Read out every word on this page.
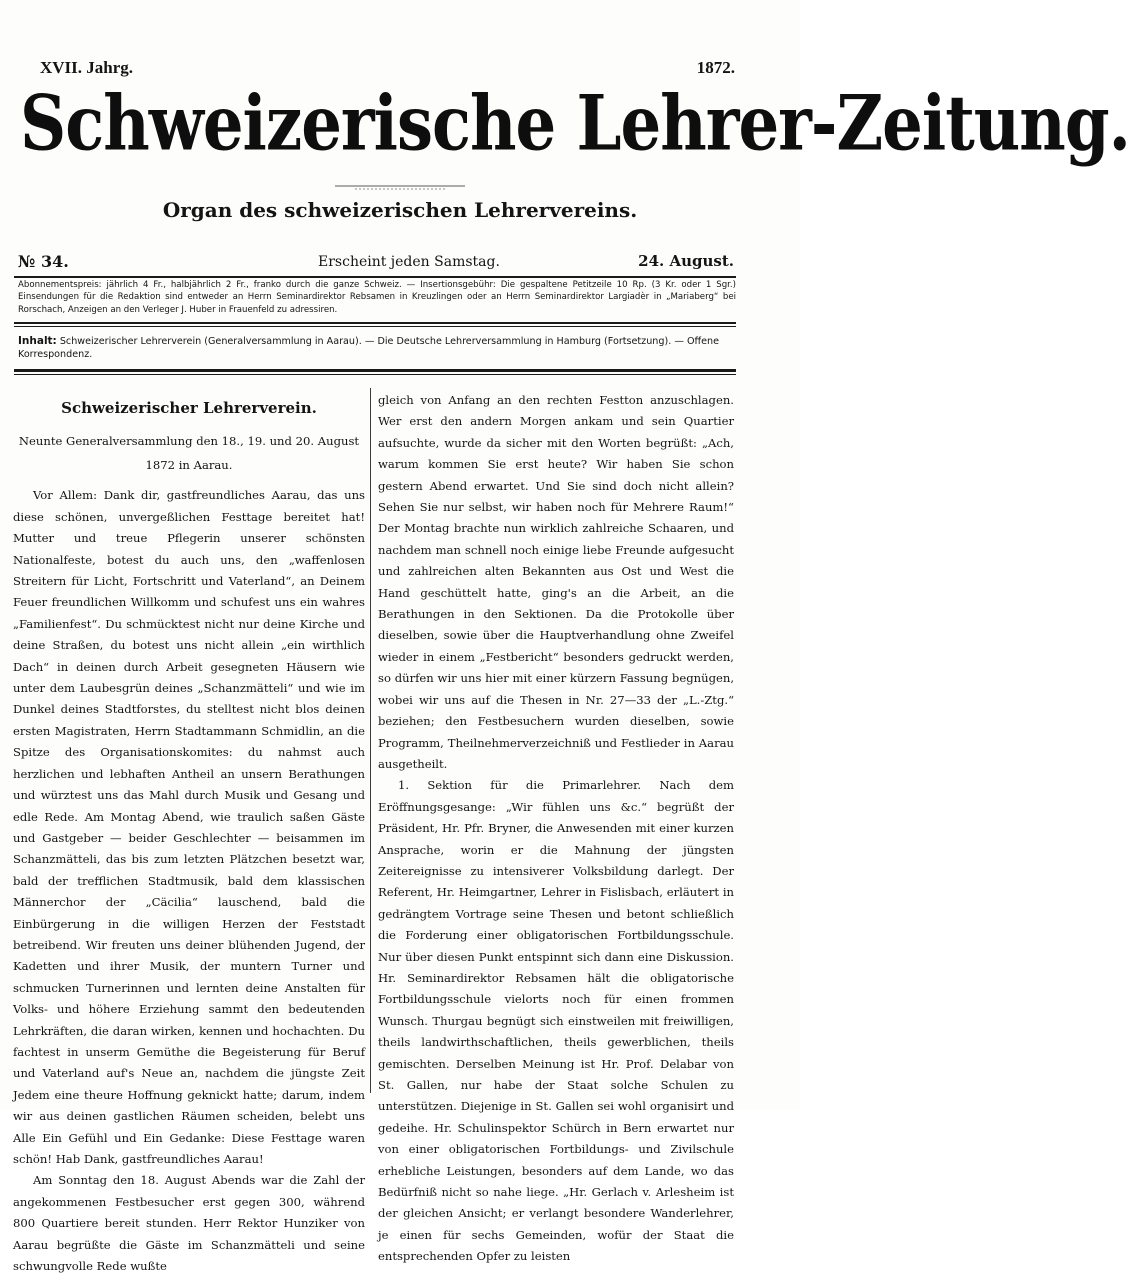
XVII. Jahrg.	1872.
Schweizerische Lehrer-Zeitung.
Organ des schweizerischen Lehrervereins.
№ 34.	Erscheint jeden Samstag.	24. August.

Abonnementspreis: jährlich 4 Fr., halbjährlich 2 Fr., franko durch die ganze Schweiz. — Insertionsgebühr: Die gespaltene Petitzeile 10 Rp. (3 Kr. oder 1 Sgr.) Einsendungen für die Redaktion sind entweder an Herrn Seminardirektor Rebsamen in Kreuzlingen oder an Herrn Seminardirektor Largiadèr in „Mariaberg“ bei Rorschach, Anzeigen an den Verleger J. Huber in Frauenfeld zu adressiren.

Inhalt: Schweizerischer Lehrerverein (Generalversammlung in Aarau). — Die Deutsche Lehrerversammlung in Hamburg (Fortsetzung). — Offene Korrespondenz.

Schweizerischer Lehrerverein.

Neunte Generalversammlung den 18., 19. und 20. August 1872 in Aarau.

Vor Allem: Dank dir, gastfreundliches Aarau, das uns diese schönen, unvergeßlichen Festtage bereitet hat! Mutter und treue Pflegerin unserer schönsten Nationalfeste, botest du auch uns, den „waffenlosen Streitern für Licht, Fortschritt und Vaterland“, an Deinem Feuer freundlichen Willkomm und schufest uns ein wahres „Familienfest“. Du schmücktest nicht nur deine Kirche und deine Straßen, du botest uns nicht allein „ein wirthlich Dach“ in deinen durch Arbeit gesegneten Häusern wie unter dem Laubesgrün deines „Schanzmätteli“ und wie im Dunkel deines Stadtforstes, du stelltest nicht blos deinen ersten Magistraten, Herrn Stadtammann Schmidlin, an die Spitze des Organisationskomites: du nahmst auch herzlichen und lebhaften Antheil an unsern Berathungen und würztest uns das Mahl durch Musik und Gesang und edle Rede. Am Montag Abend, wie traulich saßen Gäste und Gastgeber — beider Geschlechter — beisammen im Schanzmätteli, das bis zum letzten Plätzchen besetzt war, bald der trefflichen Stadtmusik, bald dem klassischen Männerchor der „Cäcilia“ lauschend, bald die Einbürgerung in die willigen Herzen der Feststadt betreibend. Wir freuten uns deiner blühenden Jugend, der Kadetten und ihrer Musik, der muntern Turner und schmucken Turnerinnen und lernten deine Anstalten für Volks- und höhere Erziehung sammt den bedeutenden Lehrkräften, die daran wirken, kennen und hochachten. Du fachtest in unserm Gemüthe die Begeisterung für Beruf und Vaterland auf's Neue an, nachdem die jüngste Zeit Jedem eine theure Hoffnung geknickt hatte; darum, indem wir aus deinen gastlichen Räumen scheiden, belebt uns Alle Ein Gefühl und Ein Gedanke: Diese Festtage waren schön! Hab Dank, gastfreundliches Aarau!

Am Sonntag den 18. August Abends war die Zahl der angekommenen Festbesucher erst gegen 300, während 800 Quartiere bereit stunden. Herr Rektor Hunziker von Aarau begrüßte die Gäste im Schanzmätteli und seine schwungvolle Rede wußte

gleich von Anfang an den rechten Festton anzuschlagen. Wer erst den andern Morgen ankam und sein Quartier aufsuchte, wurde da sicher mit den Worten begrüßt: „Ach, warum kommen Sie erst heute? Wir haben Sie schon gestern Abend erwartet. Und Sie sind doch nicht allein? Sehen Sie nur selbst, wir haben noch für Mehrere Raum!“ Der Montag brachte nun wirklich zahlreiche Schaaren, und nachdem man schnell noch einige liebe Freunde aufgesucht und zahlreichen alten Bekannten aus Ost und West die Hand geschüttelt hatte, ging's an die Arbeit, an die Berathungen in den Sektionen. Da die Protokolle über dieselben, sowie über die Hauptverhandlung ohne Zweifel wieder in einem „Festbericht“ besonders gedruckt werden, so dürfen wir uns hier mit einer kürzern Fassung begnügen, wobei wir uns auf die Thesen in Nr. 27—33 der „L.-Ztg.“ beziehen; den Festbesuchern wurden dieselben, sowie Programm, Theilnehmerverzeichniß und Festlieder in Aarau ausgetheilt.

1. Sektion für die Primarlehrer. Nach dem Eröffnungsgesange: „Wir fühlen uns &c.“ begrüßt der Präsident, Hr. Pfr. Bryner, die Anwesenden mit einer kurzen Ansprache, worin er die Mahnung der jüngsten Zeitereignisse zu intensiverer Volksbildung darlegt. Der Referent, Hr. Heimgartner, Lehrer in Fislisbach, erläutert in gedrängtem Vortrage seine Thesen und betont schließlich die Forderung einer obligatorischen Fortbildungsschule. Nur über diesen Punkt entspinnt sich dann eine Diskussion. Hr. Seminardirektor Rebsamen hält die obligatorische Fortbildungsschule vielorts noch für einen frommen Wunsch. Thurgau begnügt sich einstweilen mit freiwilligen, theils landwirthschaftlichen, theils gewerblichen, theils gemischten. Derselben Meinung ist Hr. Prof. Delabar von St. Gallen, nur habe der Staat solche Schulen zu unterstützen. Diejenige in St. Gallen sei wohl organisirt und gedeihe. Hr. Schulinspektor Schürch in Bern erwartet nur von einer obligatorischen Fortbildungs- und Zivilschule erhebliche Leistungen, besonders auf dem Lande, wo das Bedürfniß nicht so nahe liege. „Hr. Gerlach v. Arlesheim ist der gleichen Ansicht; er verlangt besondere Wanderlehrer, je einen für sechs Gemeinden, wofür der Staat die entsprechenden Opfer zu leisten
